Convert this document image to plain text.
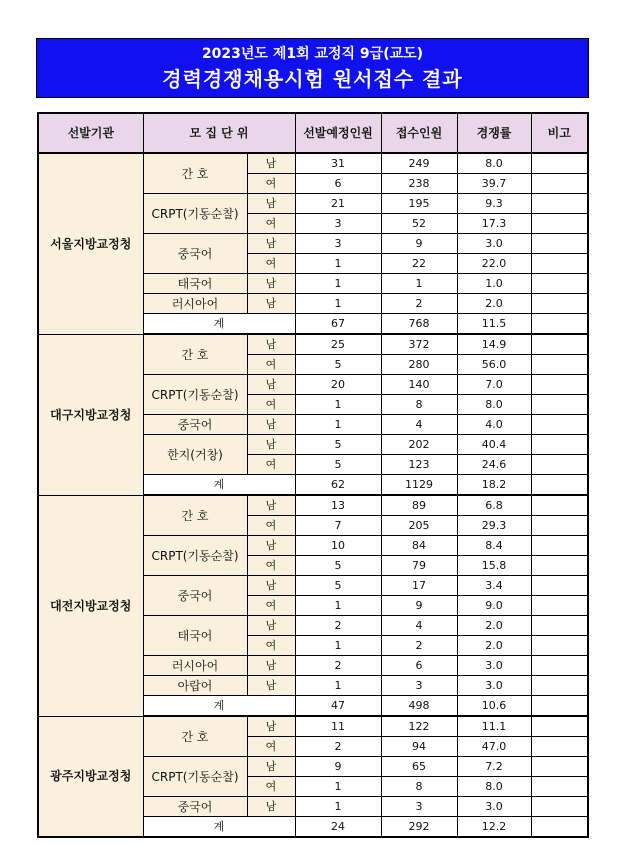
2023년도 제1회 교정직 9급(교도)
경력경쟁채용시험 원서접수 결과
선발기관	모 집 단 위		선발예정인원	접수인원	경쟁률	비고
서울지방교정청	간 호	남	31	249	8.0	
		여	6	238	39.7	
	CRPT(기동순찰)	남	21	195	9.3	
		여	3	52	17.3	
	중국어	남	3	9	3.0	
		여	1	22	22.0	
	태국어	남	1	1	1.0	
	러시아어	남	1	2	2.0	
	계		67	768	11.5	
대구지방교정청	간 호	남	25	372	14.9	
		여	5	280	56.0	
	CRPT(기동순찰)	남	20	140	7.0	
		여	1	8	8.0	
	중국어	남	1	4	4.0	
	한지(거창)	남	5	202	40.4	
		여	5	123	24.6	
	계		62	1129	18.2	
대전지방교정청	간 호	남	13	89	6.8	
		여	7	205	29.3	
	CRPT(기동순찰)	남	10	84	8.4	
		여	5	79	15.8	
	중국어	남	5	17	3.4	
		여	1	9	9.0	
	태국어	남	2	4	2.0	
		여	1	2	2.0	
	러시아어	남	2	6	3.0	
	아랍어	남	1	3	3.0	
	계		47	498	10.6	
광주지방교정청	간 호	남	11	122	11.1	
		여	2	94	47.0	
	CRPT(기동순찰)	남	9	65	7.2	
		여	1	8	8.0	
	중국어	남	1	3	3.0	
	계		24	292	12.2	
